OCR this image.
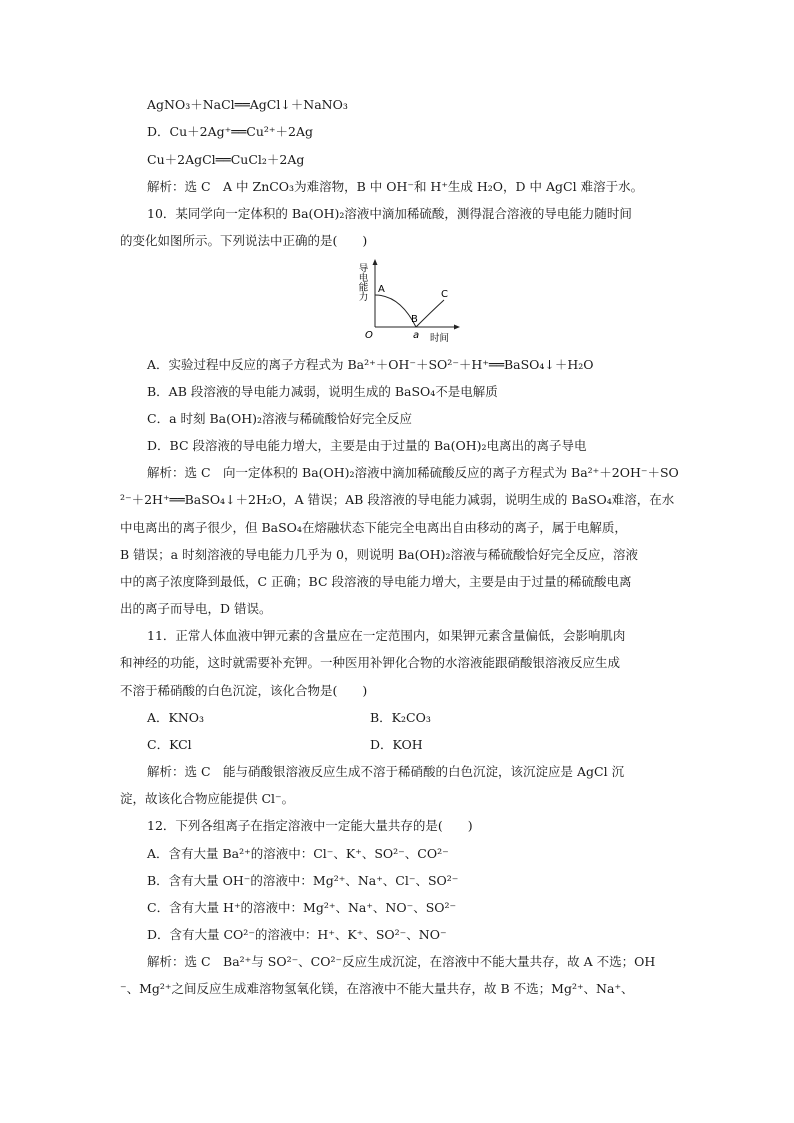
AgNO₃＋NaCl══AgCl↓＋NaNO₃
D．Cu＋2Ag⁺══Cu²⁺＋2Ag
Cu＋2AgCl══CuCl₂＋2Ag
解析：选 C　A 中 ZnCO₃为难溶物，B 中 OH⁻和 H⁺生成 H₂O，D 中 AgCl 难溶于水。
10．某同学向一定体积的 Ba(OH)₂溶液中滴加稀硫酸，测得混合溶液的导电能力随时间
的变化如图所示。下列说法中正确的是(　　)
导电能力 A
B
C
O	a 时间
A．实验过程中反应的离子方程式为 Ba²⁺＋OH⁻＋SO²⁻＋H⁺══BaSO₄↓＋H₂O
B．AB 段溶液的导电能力减弱，说明生成的 BaSO₄不是电解质
C．a 时刻 Ba(OH)₂溶液与稀硫酸恰好完全反应
D．BC 段溶液的导电能力增大，主要是由于过量的 Ba(OH)₂电离出的离子导电
解析：选 C　向一定体积的 Ba(OH)₂溶液中滴加稀硫酸反应的离子方程式为 Ba²⁺＋2OH⁻＋SO
²⁻＋2H⁺══BaSO₄↓＋2H₂O，A 错误；AB 段溶液的导电能力减弱，说明生成的 BaSO₄难溶，在水
中电离出的离子很少，但 BaSO₄在熔融状态下能完全电离出自由移动的离子，属于电解质，
B 错误；a 时刻溶液的导电能力几乎为 0，则说明 Ba(OH)₂溶液与稀硫酸恰好完全反应，溶液
中的离子浓度降到最低，C 正确；BC 段溶液的导电能力增大，主要是由于过量的稀硫酸电离
出的离子而导电，D 错误。
11．正常人体血液中钾元素的含量应在一定范围内，如果钾元素含量偏低，会影响肌肉
和神经的功能，这时就需要补充钾。一种医用补钾化合物的水溶液能跟硝酸银溶液反应生成
不溶于稀硝酸的白色沉淀，该化合物是(　　)
A．KNO₃	B．K₂CO₃
C．KCl	D．KOH
解析：选 C　能与硝酸银溶液反应生成不溶于稀硝酸的白色沉淀，该沉淀应是 AgCl 沉
淀，故该化合物应能提供 Cl⁻。
12．下列各组离子在指定溶液中一定能大量共存的是(　　)
A．含有大量 Ba²⁺的溶液中：Cl⁻、K⁺、SO²⁻、CO²⁻
B．含有大量 OH⁻的溶液中：Mg²⁺、Na⁺、Cl⁻、SO²⁻
C．含有大量 H⁺的溶液中：Mg²⁺、Na⁺、NO⁻、SO²⁻
D．含有大量 CO²⁻的溶液中：H⁺、K⁺、SO²⁻、NO⁻
解析：选 C　Ba²⁺与 SO²⁻、CO²⁻反应生成沉淀，在溶液中不能大量共存，故 A 不选；OH
⁻、Mg²⁺之间反应生成难溶物氢氧化镁，在溶液中不能大量共存，故 B 不选；Mg²⁺、Na⁺、
